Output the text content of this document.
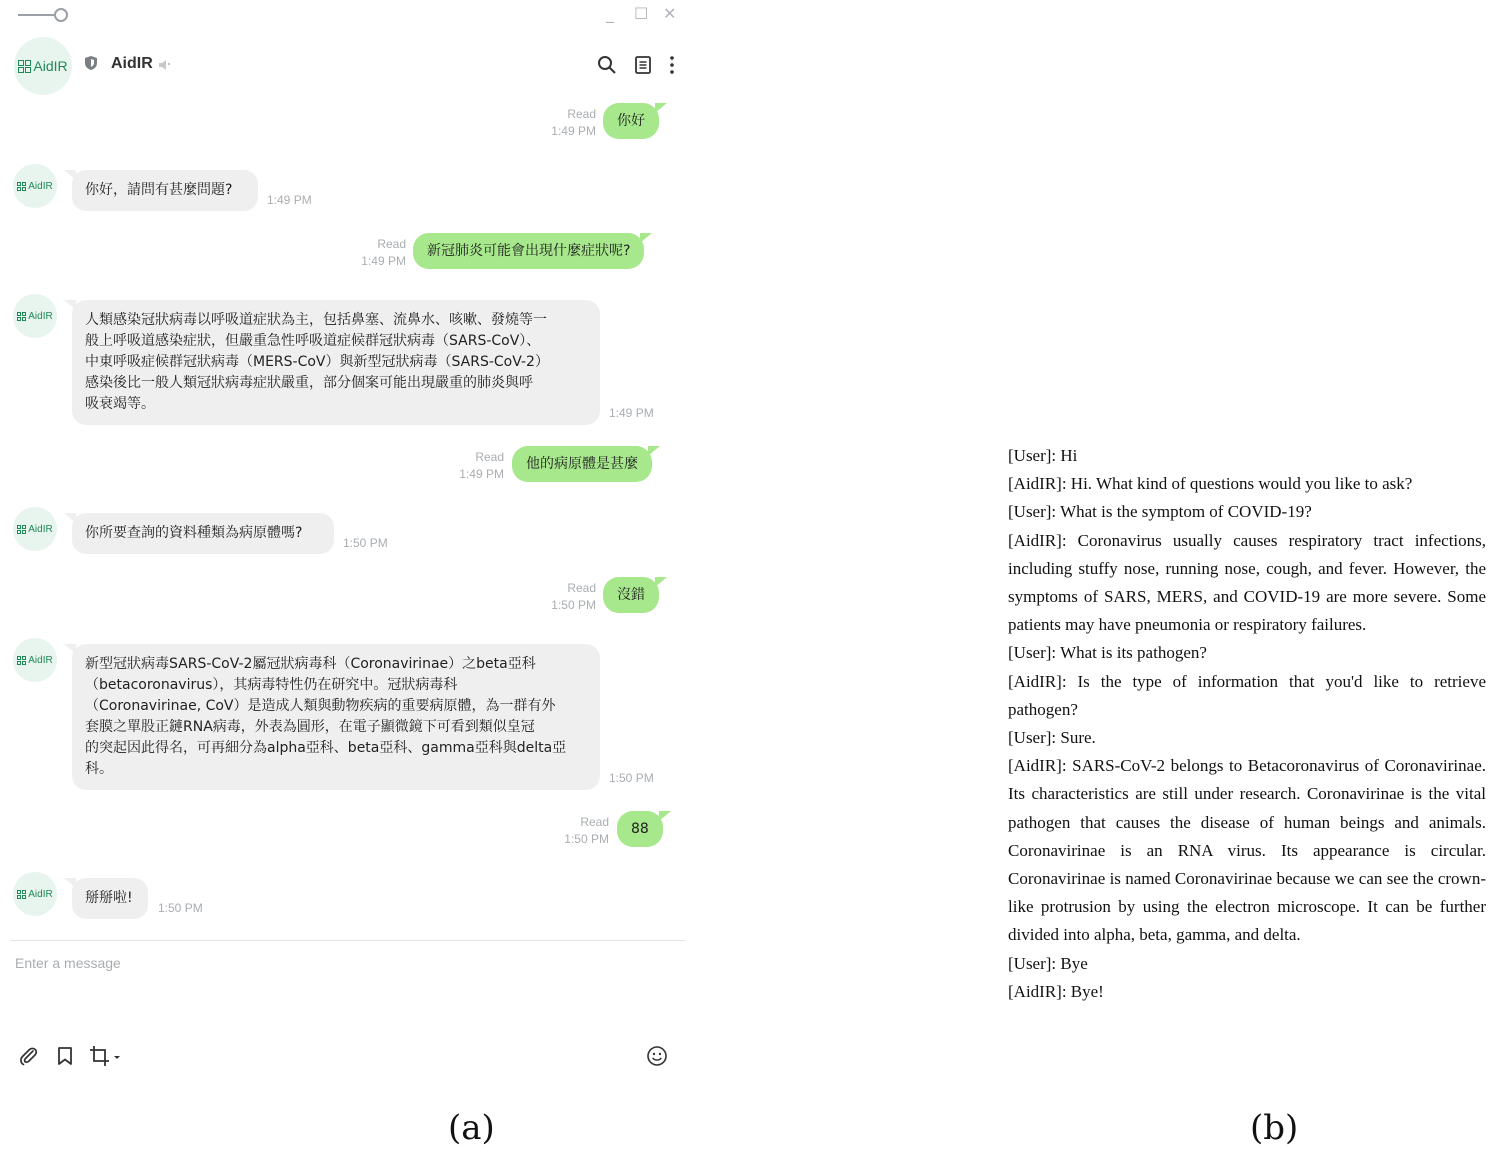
_ ☐ ✕
AidIR	AidIR
Read
1:49 PM
你好
AidIR	你好，請問有甚麼問題?
1:49 PM
Read
1:49 PM
新冠肺炎可能會出現什麼症狀呢?
AidIR 人類感染冠狀病毒以呼吸道症狀為主，包括鼻塞、流鼻水、咳嗽、發燒等一
般上呼吸道感染症狀，但嚴重急性呼吸道症候群冠狀病毒（SARS-CoV）、
中東呼吸症候群冠狀病毒（MERS-CoV）與新型冠狀病毒（SARS-CoV-2）
感染後比一般人類冠狀病毒症狀嚴重，部分個案可能出現嚴重的肺炎與呼
吸衰竭等。
1:49 PM
Read
1:49 PM
他的病原體是甚麼
AidIR	你所要查詢的資料種類為病原體嗎?
1:50 PM
Read
1:50 PM
沒錯
AidIR 新型冠狀病毒SARS-CoV-2屬冠狀病毒科（Coronavirinae）之beta亞科
（betacoronavirus），其病毒特性仍在研究中。冠狀病毒科
（Coronavirinae, CoV）是造成人類與動物疾病的重要病原體，為一群有外
套膜之單股正鏈RNA病毒，外表為圓形，在電子顯微鏡下可看到類似皇冠
的突起因此得名，可再細分為alpha亞科、beta亞科、gamma亞科與delta亞
科。
1:50 PM
Read
1:50 PM
88
AidIR	掰掰啦!
1:50 PM
Enter a message
(a)	(b)
[User]: Hi
[AidIR]: Hi. What kind of questions would you like to ask?
[User]: What is the symptom of COVID-19?
[AidIR]: Coronavirus usually causes respiratory tract infections, including stuffy nose, running nose, cough, and fever. However, the symptoms of SARS, MERS, and COVID-19 are more severe. Some patients may have pneumonia or respiratory failures.
[User]: What is its pathogen?
[AidIR]: Is the type of information that you'd like to retrieve pathogen?
[User]: Sure.
[AidIR]: SARS-CoV-2 belongs to Betacoronavirus of Coronavirinae. Its characteristics are still under research. Coronavirinae is the vital pathogen that causes the disease of human beings and animals. Coronavirinae is an RNA virus. Its appearance is circular. Coronavirinae is named Coronavirinae because we can see the crown-like protrusion by using the electron microscope. It can be further divided into alpha, beta, gamma, and delta.
[User]: Bye
[AidIR]: Bye!
